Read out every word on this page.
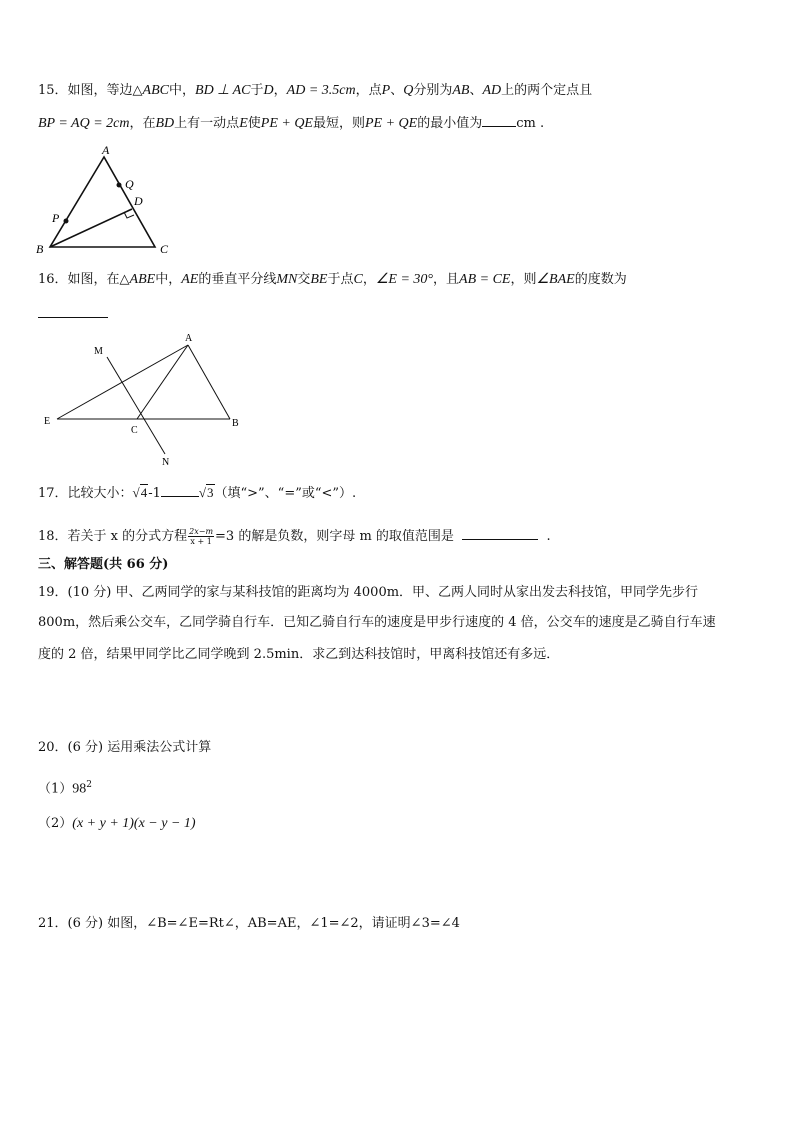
15．如图，等边△ABC中，BD ⊥ AC于D，AD = 3.5cm，点P、Q分别为AB、AD上的两个定点且
BP = AQ = 2cm，在BD上有一动点E使PE + QE最短，则PE + QE的最小值为	cm .
A
Q
D
P
B	C
16．如图，在△ABE中，AE的垂直平分线MN交BE于点C，∠E = 30°，且AB = CE，则∠BAE的度数为
M
A
E
C
B
N
17．比较大小：√4-1	√3（填“>”、“=”或“<”）.
18．若关于 x 的分式方程 $\frac{2x-m}{x + 1} =3$ 的解是负数，则字母 m 的取值范围是	.
三、解答题(共 66 分)
19．(10 分) 甲、乙两同学的家与某科技馆的距离均为 4000m．甲、乙两人同时从家出发去科技馆，甲同学先步行
800m，然后乘公交车，乙同学骑自行车．已知乙骑自行车的速度是甲步行速度的 4 倍，公交车的速度是乙骑自行车速
度的 2 倍，结果甲同学比乙同学晚到 2.5min．求乙到达科技馆时，甲离科技馆还有多远．
20．(6 分) 运用乘法公式计算
$(1)98^2$
（2）(x + y + 1)(x − y − 1)
21．(6 分) 如图，∠B=∠E=Rt∠，AB=AE，∠1=∠2，请证明∠3=∠4
